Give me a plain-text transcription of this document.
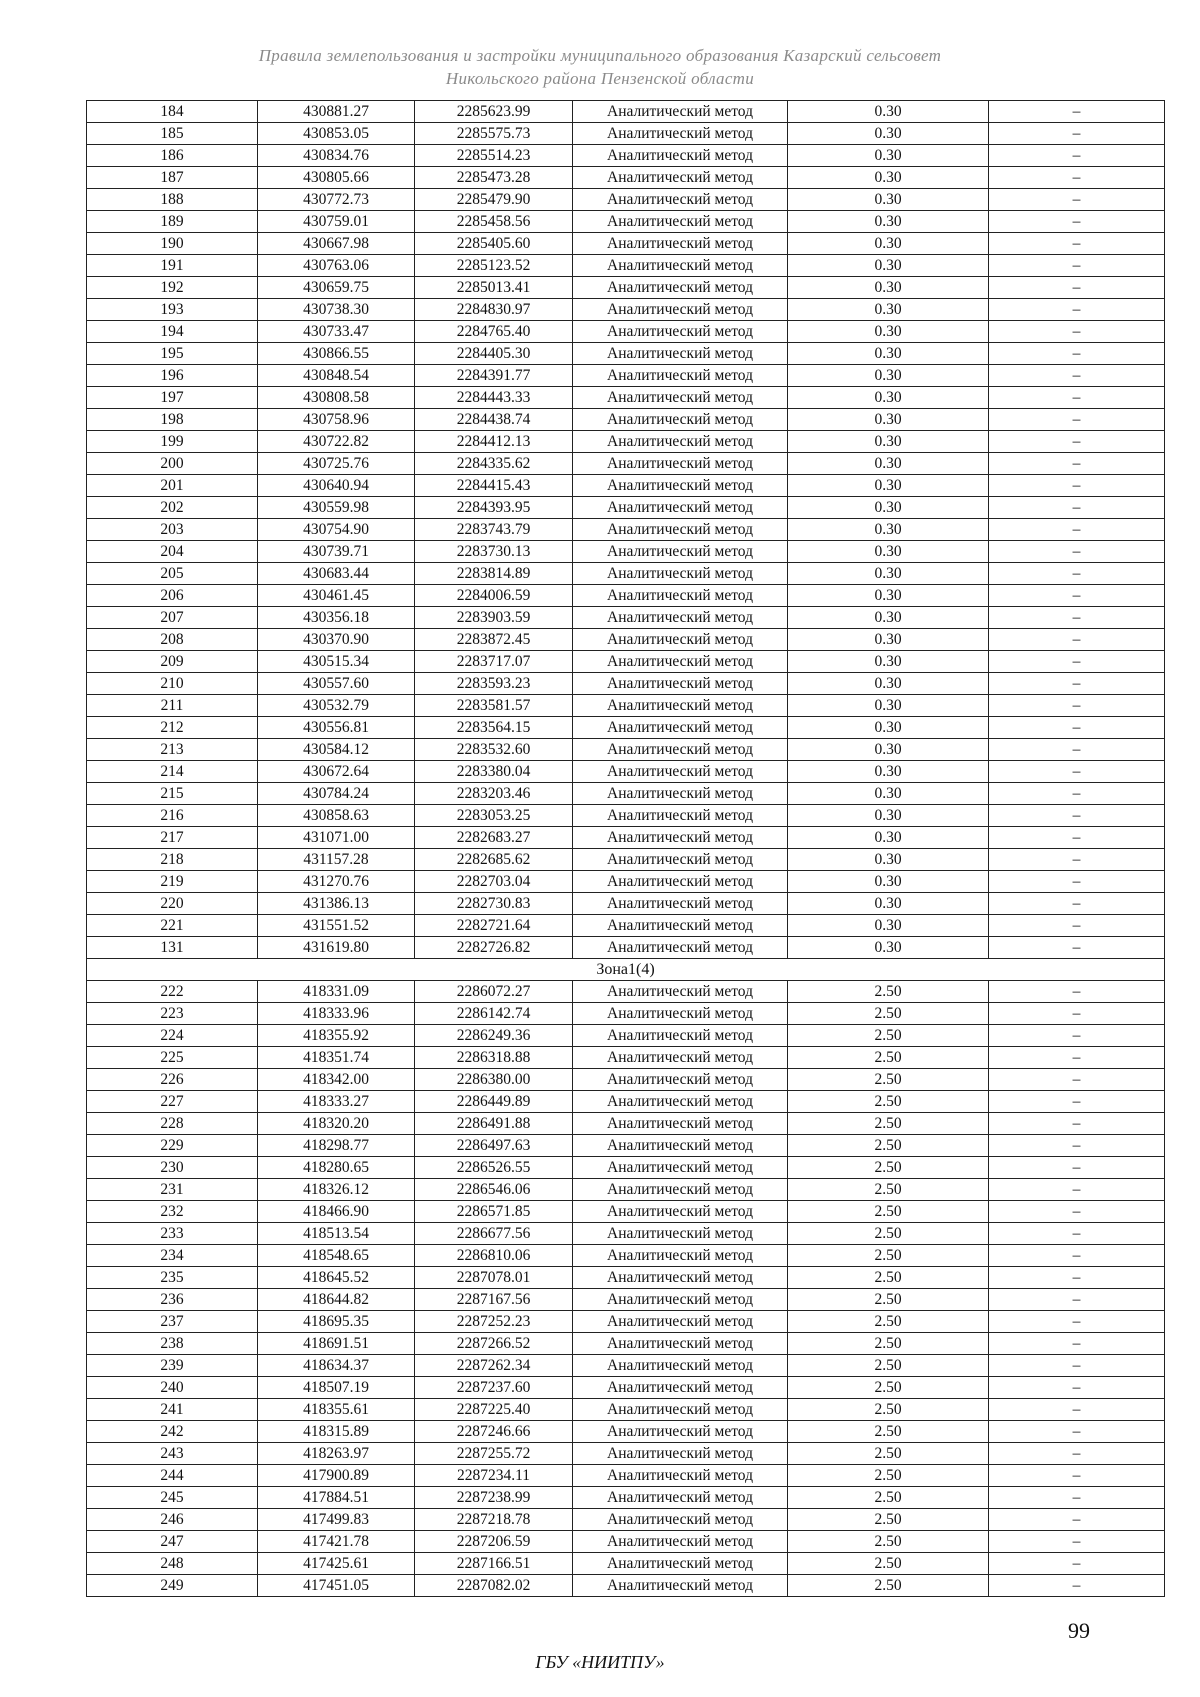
Правила землепользования и застройки муниципального образования Казарский сельсовет
Никольского района Пензенской области
184	430881.27	2285623.99	Аналитический метод	0.30	–
185	430853.05	2285575.73	Аналитический метод	0.30	–
186	430834.76	2285514.23	Аналитический метод	0.30	–
187	430805.66	2285473.28	Аналитический метод	0.30	–
188	430772.73	2285479.90	Аналитический метод	0.30	–
189	430759.01	2285458.56	Аналитический метод	0.30	–
190	430667.98	2285405.60	Аналитический метод	0.30	–
191	430763.06	2285123.52	Аналитический метод	0.30	–
192	430659.75	2285013.41	Аналитический метод	0.30	–
193	430738.30	2284830.97	Аналитический метод	0.30	–
194	430733.47	2284765.40	Аналитический метод	0.30	–
195	430866.55	2284405.30	Аналитический метод	0.30	–
196	430848.54	2284391.77	Аналитический метод	0.30	–
197	430808.58	2284443.33	Аналитический метод	0.30	–
198	430758.96	2284438.74	Аналитический метод	0.30	–
199	430722.82	2284412.13	Аналитический метод	0.30	–
200	430725.76	2284335.62	Аналитический метод	0.30	–
201	430640.94	2284415.43	Аналитический метод	0.30	–
202	430559.98	2284393.95	Аналитический метод	0.30	–
203	430754.90	2283743.79	Аналитический метод	0.30	–
204	430739.71	2283730.13	Аналитический метод	0.30	–
205	430683.44	2283814.89	Аналитический метод	0.30	–
206	430461.45	2284006.59	Аналитический метод	0.30	–
207	430356.18	2283903.59	Аналитический метод	0.30	–
208	430370.90	2283872.45	Аналитический метод	0.30	–
209	430515.34	2283717.07	Аналитический метод	0.30	–
210	430557.60	2283593.23	Аналитический метод	0.30	–
211	430532.79	2283581.57	Аналитический метод	0.30	–
212	430556.81	2283564.15	Аналитический метод	0.30	–
213	430584.12	2283532.60	Аналитический метод	0.30	–
214	430672.64	2283380.04	Аналитический метод	0.30	–
215	430784.24	2283203.46	Аналитический метод	0.30	–
216	430858.63	2283053.25	Аналитический метод	0.30	–
217	431071.00	2282683.27	Аналитический метод	0.30	–
218	431157.28	2282685.62	Аналитический метод	0.30	–
219	431270.76	2282703.04	Аналитический метод	0.30	–
220	431386.13	2282730.83	Аналитический метод	0.30	–
221	431551.52	2282721.64	Аналитический метод	0.30	–
131	431619.80	2282726.82	Аналитический метод	0.30	–
Зона1(4)					
222	418331.09	2286072.27	Аналитический метод	2.50	–
223	418333.96	2286142.74	Аналитический метод	2.50	–
224	418355.92	2286249.36	Аналитический метод	2.50	–
225	418351.74	2286318.88	Аналитический метод	2.50	–
226	418342.00	2286380.00	Аналитический метод	2.50	–
227	418333.27	2286449.89	Аналитический метод	2.50	–
228	418320.20	2286491.88	Аналитический метод	2.50	–
229	418298.77	2286497.63	Аналитический метод	2.50	–
230	418280.65	2286526.55	Аналитический метод	2.50	–
231	418326.12	2286546.06	Аналитический метод	2.50	–
232	418466.90	2286571.85	Аналитический метод	2.50	–
233	418513.54	2286677.56	Аналитический метод	2.50	–
234	418548.65	2286810.06	Аналитический метод	2.50	–
235	418645.52	2287078.01	Аналитический метод	2.50	–
236	418644.82	2287167.56	Аналитический метод	2.50	–
237	418695.35	2287252.23	Аналитический метод	2.50	–
238	418691.51	2287266.52	Аналитический метод	2.50	–
239	418634.37	2287262.34	Аналитический метод	2.50	–
240	418507.19	2287237.60	Аналитический метод	2.50	–
241	418355.61	2287225.40	Аналитический метод	2.50	–
242	418315.89	2287246.66	Аналитический метод	2.50	–
243	418263.97	2287255.72	Аналитический метод	2.50	–
244	417900.89	2287234.11	Аналитический метод	2.50	–
245	417884.51	2287238.99	Аналитический метод	2.50	–
246	417499.83	2287218.78	Аналитический метод	2.50	–
247	417421.78	2287206.59	Аналитический метод	2.50	–
248	417425.61	2287166.51	Аналитический метод	2.50	–
249	417451.05	2287082.02	Аналитический метод	2.50	–
99
ГБУ «НИИТПУ»
